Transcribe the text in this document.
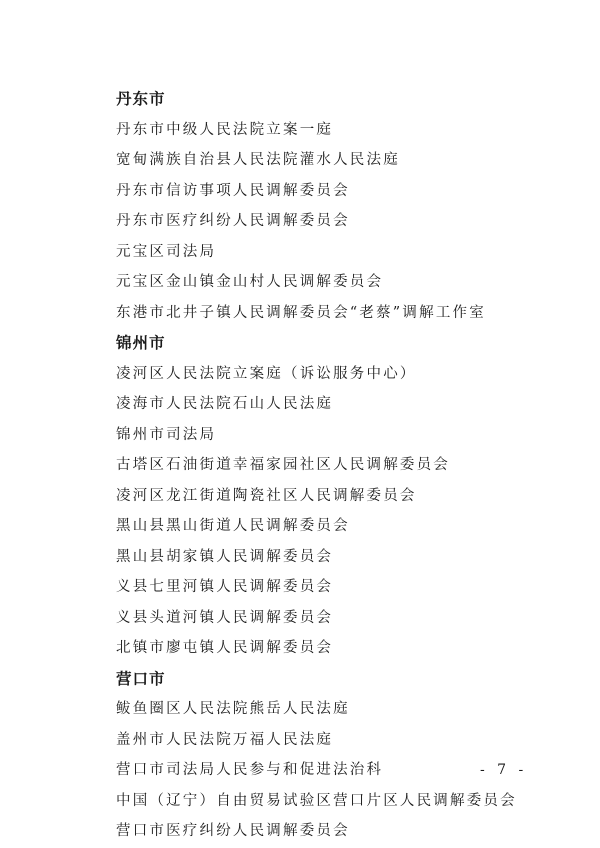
丹东市
丹东市中级人民法院立案一庭
宽甸满族自治县人民法院灌水人民法庭
丹东市信访事项人民调解委员会
丹东市医疗纠纷人民调解委员会
元宝区司法局
元宝区金山镇金山村人民调解委员会
东港市北井子镇人民调解委员会“老蔡”调解工作室
锦州市
凌河区人民法院立案庭（诉讼服务中心）
凌海市人民法院石山人民法庭
锦州市司法局
古塔区石油街道幸福家园社区人民调解委员会
凌河区龙江街道陶瓷社区人民调解委员会
黑山县黑山街道人民调解委员会
黑山县胡家镇人民调解委员会
义县七里河镇人民调解委员会
义县头道河镇人民调解委员会
北镇市廖屯镇人民调解委员会
营口市
鲅鱼圈区人民法院熊岳人民法庭
盖州市人民法院万福人民法庭
营口市司法局人民参与和促进法治科
中国（辽宁）自由贸易试验区营口片区人民调解委员会
营口市医疗纠纷人民调解委员会
- 7 -
